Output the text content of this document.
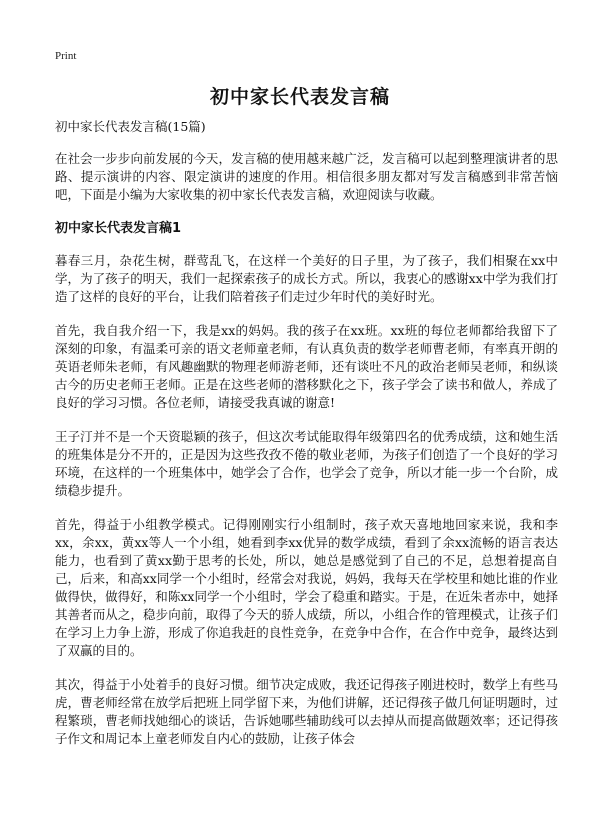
Print
初中家长代表发言稿
初中家长代表发言稿(15篇)

在社会一步步向前发展的今天，发言稿的使用越来越广泛，发言稿可以起到整理演讲者的思路、提示演讲的内容、限定演讲的速度的作用。相信很多朋友都对写发言稿感到非常苦恼吧，下面是小编为大家收集的初中家长代表发言稿，欢迎阅读与收藏。

初中家长代表发言稿1

暮春三月，杂花生树，群莺乱飞，在这样一个美好的日子里，为了孩子，我们相聚在xx中学，为了孩子的明天，我们一起探索孩子的成长方式。所以，我衷心的感谢xx中学为我们打造了这样的良好的平台，让我们陪着孩子们走过少年时代的美好时光。

首先，我自我介绍一下，我是xx的妈妈。我的孩子在xx班。xx班的每位老师都给我留下了深刻的印象，有温柔可亲的语文老师童老师，有认真负责的数学老师曹老师，有率真开朗的英语老师朱老师，有风趣幽默的物理老师游老师，还有谈吐不凡的政治老师吴老师，和纵谈古今的历史老师王老师。正是在这些老师的潜移默化之下，孩子学会了读书和做人，养成了良好的学习习惯。各位老师，请接受我真诚的谢意!

王子汀并不是一个天资聪颖的孩子，但这次考试能取得年级第四名的优秀成绩，这和她生活的班集体是分不开的，正是因为这些孜孜不倦的敬业老师，为孩子们创造了一个良好的学习环境，在这样的一个班集体中，她学会了合作，也学会了竞争，所以才能一步一个台阶，成绩稳步提升。

首先，得益于小组教学模式。记得刚刚实行小组制时，孩子欢天喜地地回家来说，我和李xx，余xx，黄xx等人一个小组，她看到李xx优异的数学成绩，看到了余xx流畅的语言表达能力，也看到了黄xx勤于思考的长处，所以，她总是感觉到了自己的不足，总想着提高自己，后来，和高xx同学一个小组时，经常会对我说，妈妈，我每天在学校里和她比谁的作业做得快，做得好，和陈xx同学一个小组时，学会了稳重和踏实。于是，在近朱者赤中，她择其善者而从之，稳步向前，取得了今天的骄人成绩，所以，小组合作的管理模式，让孩子们在学习上力争上游，形成了你追我赶的良性竞争，在竞争中合作，在合作中竞争，最终达到了双赢的目的。

其次，得益于小处着手的良好习惯。细节决定成败，我还记得孩子刚进校时，数学上有些马虎，曹老师经常在放学后把班上同学留下来，为他们讲解，还记得孩子做几何证明题时，过程繁琐，曹老师找她细心的谈话，告诉她哪些辅助线可以去掉从而提高做题效率；还记得孩子作文和周记本上童老师发自内心的鼓励，让孩子体会
